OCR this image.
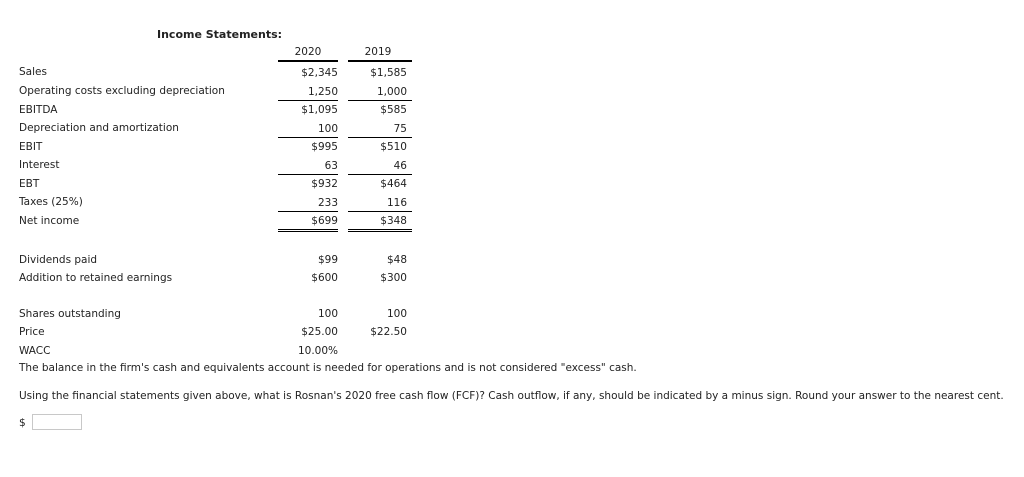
Income Statements:
2020	2019
Sales	$2,345	$1,585
Operating costs excluding depreciation	1,250	1,000
EBITDA	$1,095	$585
Depreciation and amortization	100	75
EBIT	$995	$510
Interest	63	46
EBT	$932	$464
Taxes (25%)	233	116
Net income	$699	$348
Dividends paid	$99	$48
Addition to retained earnings	$600	$300
Shares outstanding	100	100
Price	$25.00	$22.50
WACC	10.00%
The balance in the firm's cash and equivalents account is needed for operations and is not considered "excess" cash.
Using the financial statements given above, what is Rosnan's 2020 free cash flow (FCF)? Cash outflow, if any, should be indicated by a minus sign. Round your answer to the nearest cent.
$
